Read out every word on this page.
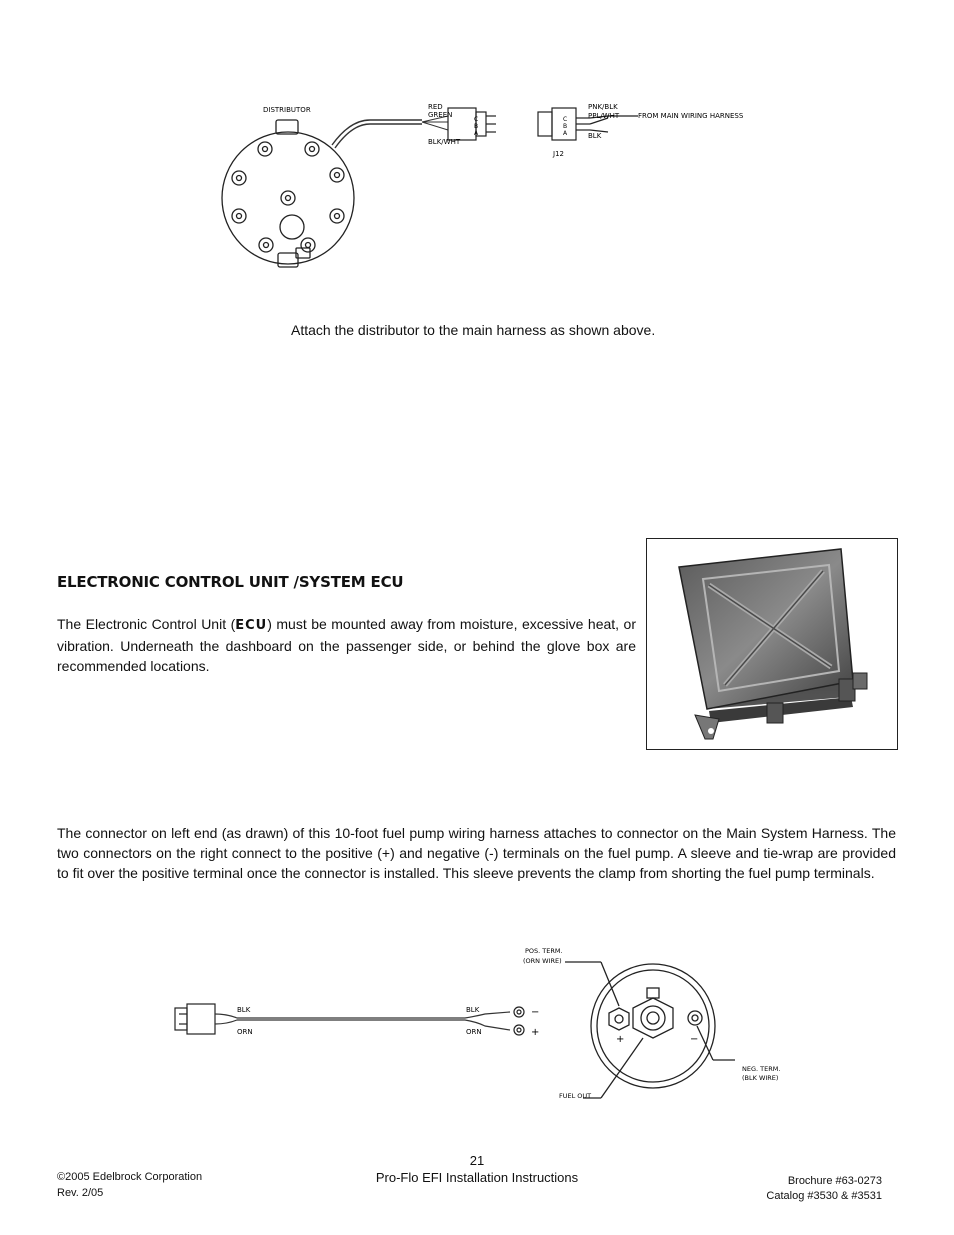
DISTRIBUTOR	RED
GREEN
BLK/WHT
C
B
A
C
B
A
PNK/BLK
PPL/WHT
BLK
FROM MAIN WIRING HARNESS
J12
Attach the distributor to the main harness as shown above.
ELECTRONIC CONTROL UNIT /SYSTEM ECU
The Electronic Control Unit (ECU) must be mounted away from moisture, excessive heat, or vibration. Underneath the dashboard on the passenger side, or behind the glove box are recommended locations.
The connector on left end (as drawn) of this 10-foot fuel pump wiring harness attaches to connector on the Main System Harness. The two connectors on the right connect to the positive (+) and negative (-) terminals on the fuel pump. A sleeve and tie-wrap are provided to fit over the positive terminal once the connector is installed. This sleeve prevents the clamp from shorting the fuel pump terminals.
BLK
ORN
BLK
ORN
−
+
POS. TERM.
(ORN WIRE)
NEG. TERM.
(BLK WIRE)
FUEL OUT
+	−
21
Pro-Flo EFI Installation Instructions
©2005 Edelbrock Corporation
Rev. 2/05
Brochure #63-0273
Catalog #3530 & #3531
